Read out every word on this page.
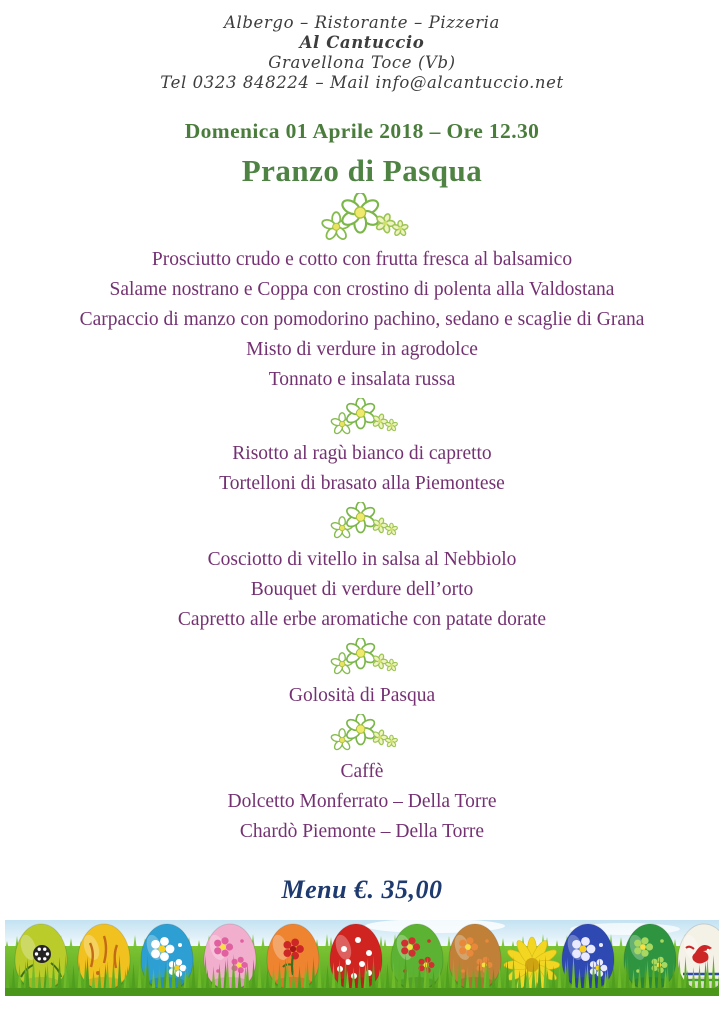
Albergo – Ristorante – Pizzeria
Al Cantuccio
Gravellona Toce (Vb)
Tel 0323 848224 – Mail info@alcantuccio.net
Domenica 01 Aprile 2018 – Ore 12.30
Pranzo di Pasqua
Prosciutto crudo e cotto con frutta fresca al balsamico
Salame nostrano e Coppa con crostino di polenta alla Valdostana
Carpaccio di manzo con pomodorino pachino, sedano e scaglie di Grana
Misto di verdure in agrodolce
Tonnato e insalata russa
Risotto al ragù bianco di capretto
Tortelloni di brasato alla Piemontese
Cosciotto di vitello in salsa al Nebbiolo
Bouquet di verdure dell’orto
Capretto alle erbe aromatiche con patate dorate
Golosità di Pasqua
Caffè
Dolcetto Monferrato – Della Torre
Chardò Piemonte – Della Torre
Menu €. 35,00
